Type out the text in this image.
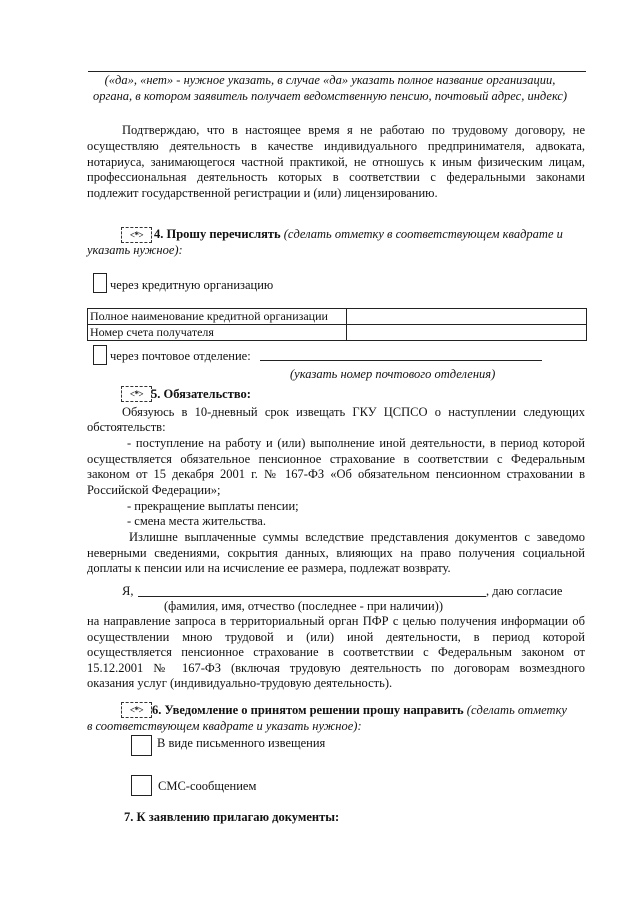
(«да», «нет» - нужное указать, в случае «да» указать полное название организации,
органа, в котором заявитель получает ведомственную пенсию, почтовый адрес, индекс)
Подтверждаю, что в настоящее время я не работаю по трудовому договору, не
осуществляю деятельность в качестве индивидуального предпринимателя, адвоката,
нотариуса, занимающегося частной практикой, не отношусь к иным физическим лицам,
профессиональная деятельность которых в соответствии с федеральными законами
подлежит государственной регистрации и (или) лицензированию.
<*> 4. Прошу перечислять (сделать отметку в соответствующем квадрате и
указать нужное):
через кредитную организацию
Полное наименование кредитной организации	
Номер счета получателя	
через почтовое отделение:
(указать номер почтового отделения)
<*> 5. Обязательство:
Обязуюсь в 10-дневный срок извещать ГКУ ЦСПСО о наступлении следующих
обстоятельств:
- поступление на работу и (или) выполнение иной деятельности, в период которой
осуществляется обязательное пенсионное страхование в соответствии с Федеральным
законом от 15 декабря 2001 г. № 167-ФЗ «Об обязательном пенсионном страховании в
Российской Федерации»;
- прекращение выплаты пенсии;
- смена места жительства.
Излишне выплаченные суммы вследствие представления документов с заведомо
неверными сведениями, сокрытия данных, влияющих на право получения социальной
доплаты к пенсии или на исчисление ее размера, подлежат возврату.
Я,	, даю согласие
(фамилия, имя, отчество (последнее - при наличии))
на направление запроса в территориальный орган ПФР с целью получения информации об
осуществлении мною трудовой и (или) иной деятельности, в период которой
осуществляется пенсионное страхование в соответствии с Федеральным законом от
15.12.2001 № 167-ФЗ (включая трудовую деятельность по договорам возмездного
оказания услуг (индивидуально-трудовую деятельность).
<*> 6. Уведомление о принятом решении прошу направить (сделать отметку
в соответствующем квадрате и указать нужное):
В виде письменного извещения
СМС-сообщением
7. К заявлению прилагаю документы:
